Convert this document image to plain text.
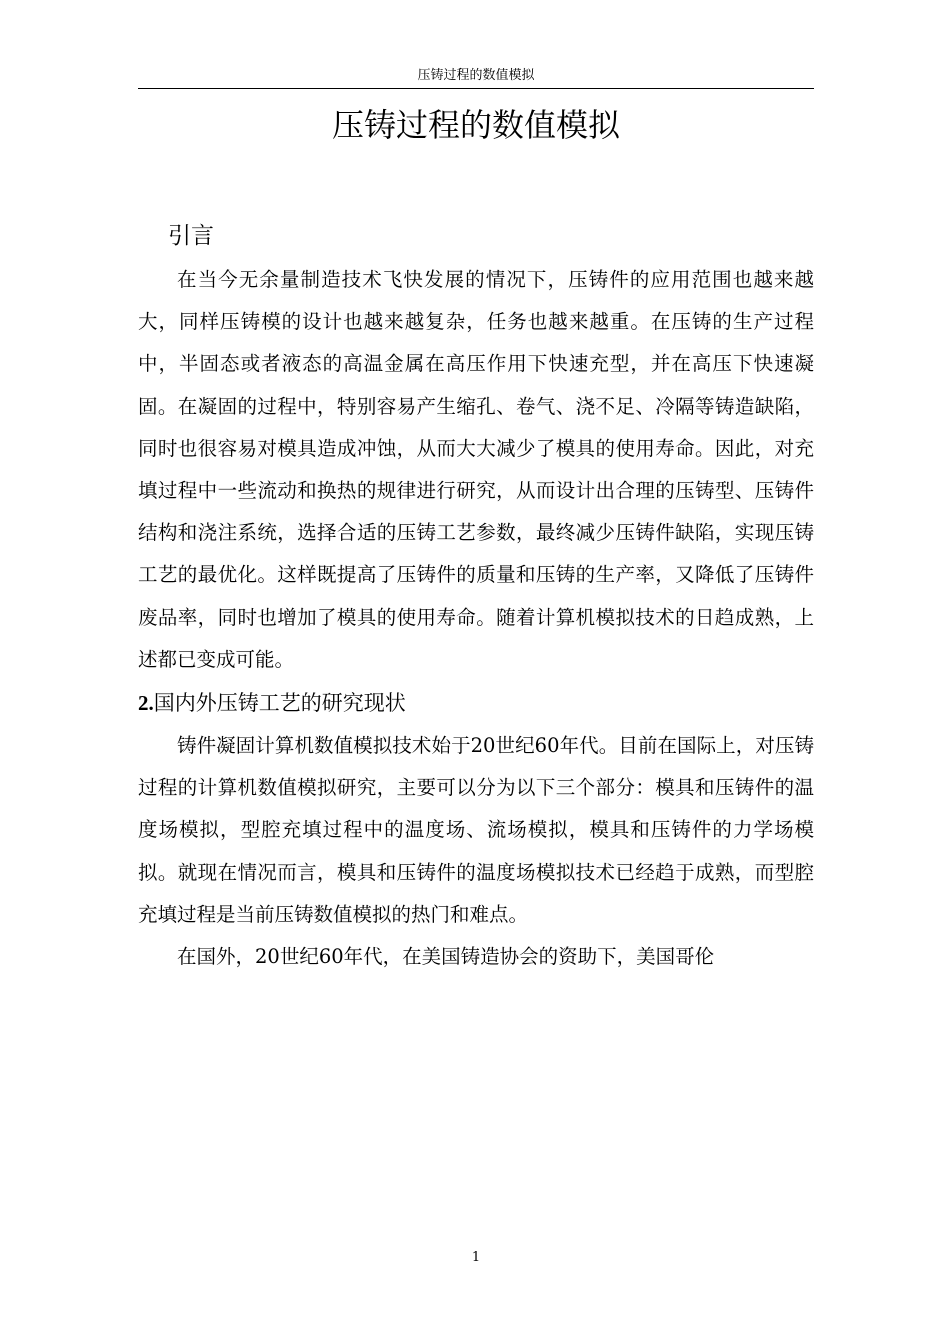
压铸过程的数值模拟
压铸过程的数值模拟

引言

在当今无余量制造技术飞快发展的情况下，压铸件的应用范围也越来越大，同样压铸模的设计也越来越复杂，任务也越来越重。在压铸的生产过程中，半固态或者液态的高温金属在高压作用下快速充型，并在高压下快速凝固。在凝固的过程中，特别容易产生缩孔、卷气、浇不足、冷隔等铸造缺陷，同时也很容易对模具造成冲蚀，从而大大减少了模具的使用寿命。因此，对充填过程中一些流动和换热的规律进行研究，从而设计出合理的压铸型、压铸件结构和浇注系统，选择合适的压铸工艺参数，最终减少压铸件缺陷，实现压铸工艺的最优化。这样既提高了压铸件的质量和压铸的生产率，又降低了压铸件废品率，同时也增加了模具的使用寿命。随着计算机模拟技术的日趋成熟，上述都已变成可能。

2.国内外压铸工艺的研究现状

铸件凝固计算机数值模拟技术始于20世纪60年代。目前在国际上，对压铸过程的计算机数值模拟研究，主要可以分为以下三个部分：模具和压铸件的温度场模拟，型腔充填过程中的温度场、流场模拟，模具和压铸件的力学场模拟。就现在情况而言，模具和压铸件的温度场模拟技术已经趋于成熟，而型腔充填过程是当前压铸数值模拟的热门和难点。

在国外，20世纪60年代，在美国铸造协会的资助下，美国哥伦

1
